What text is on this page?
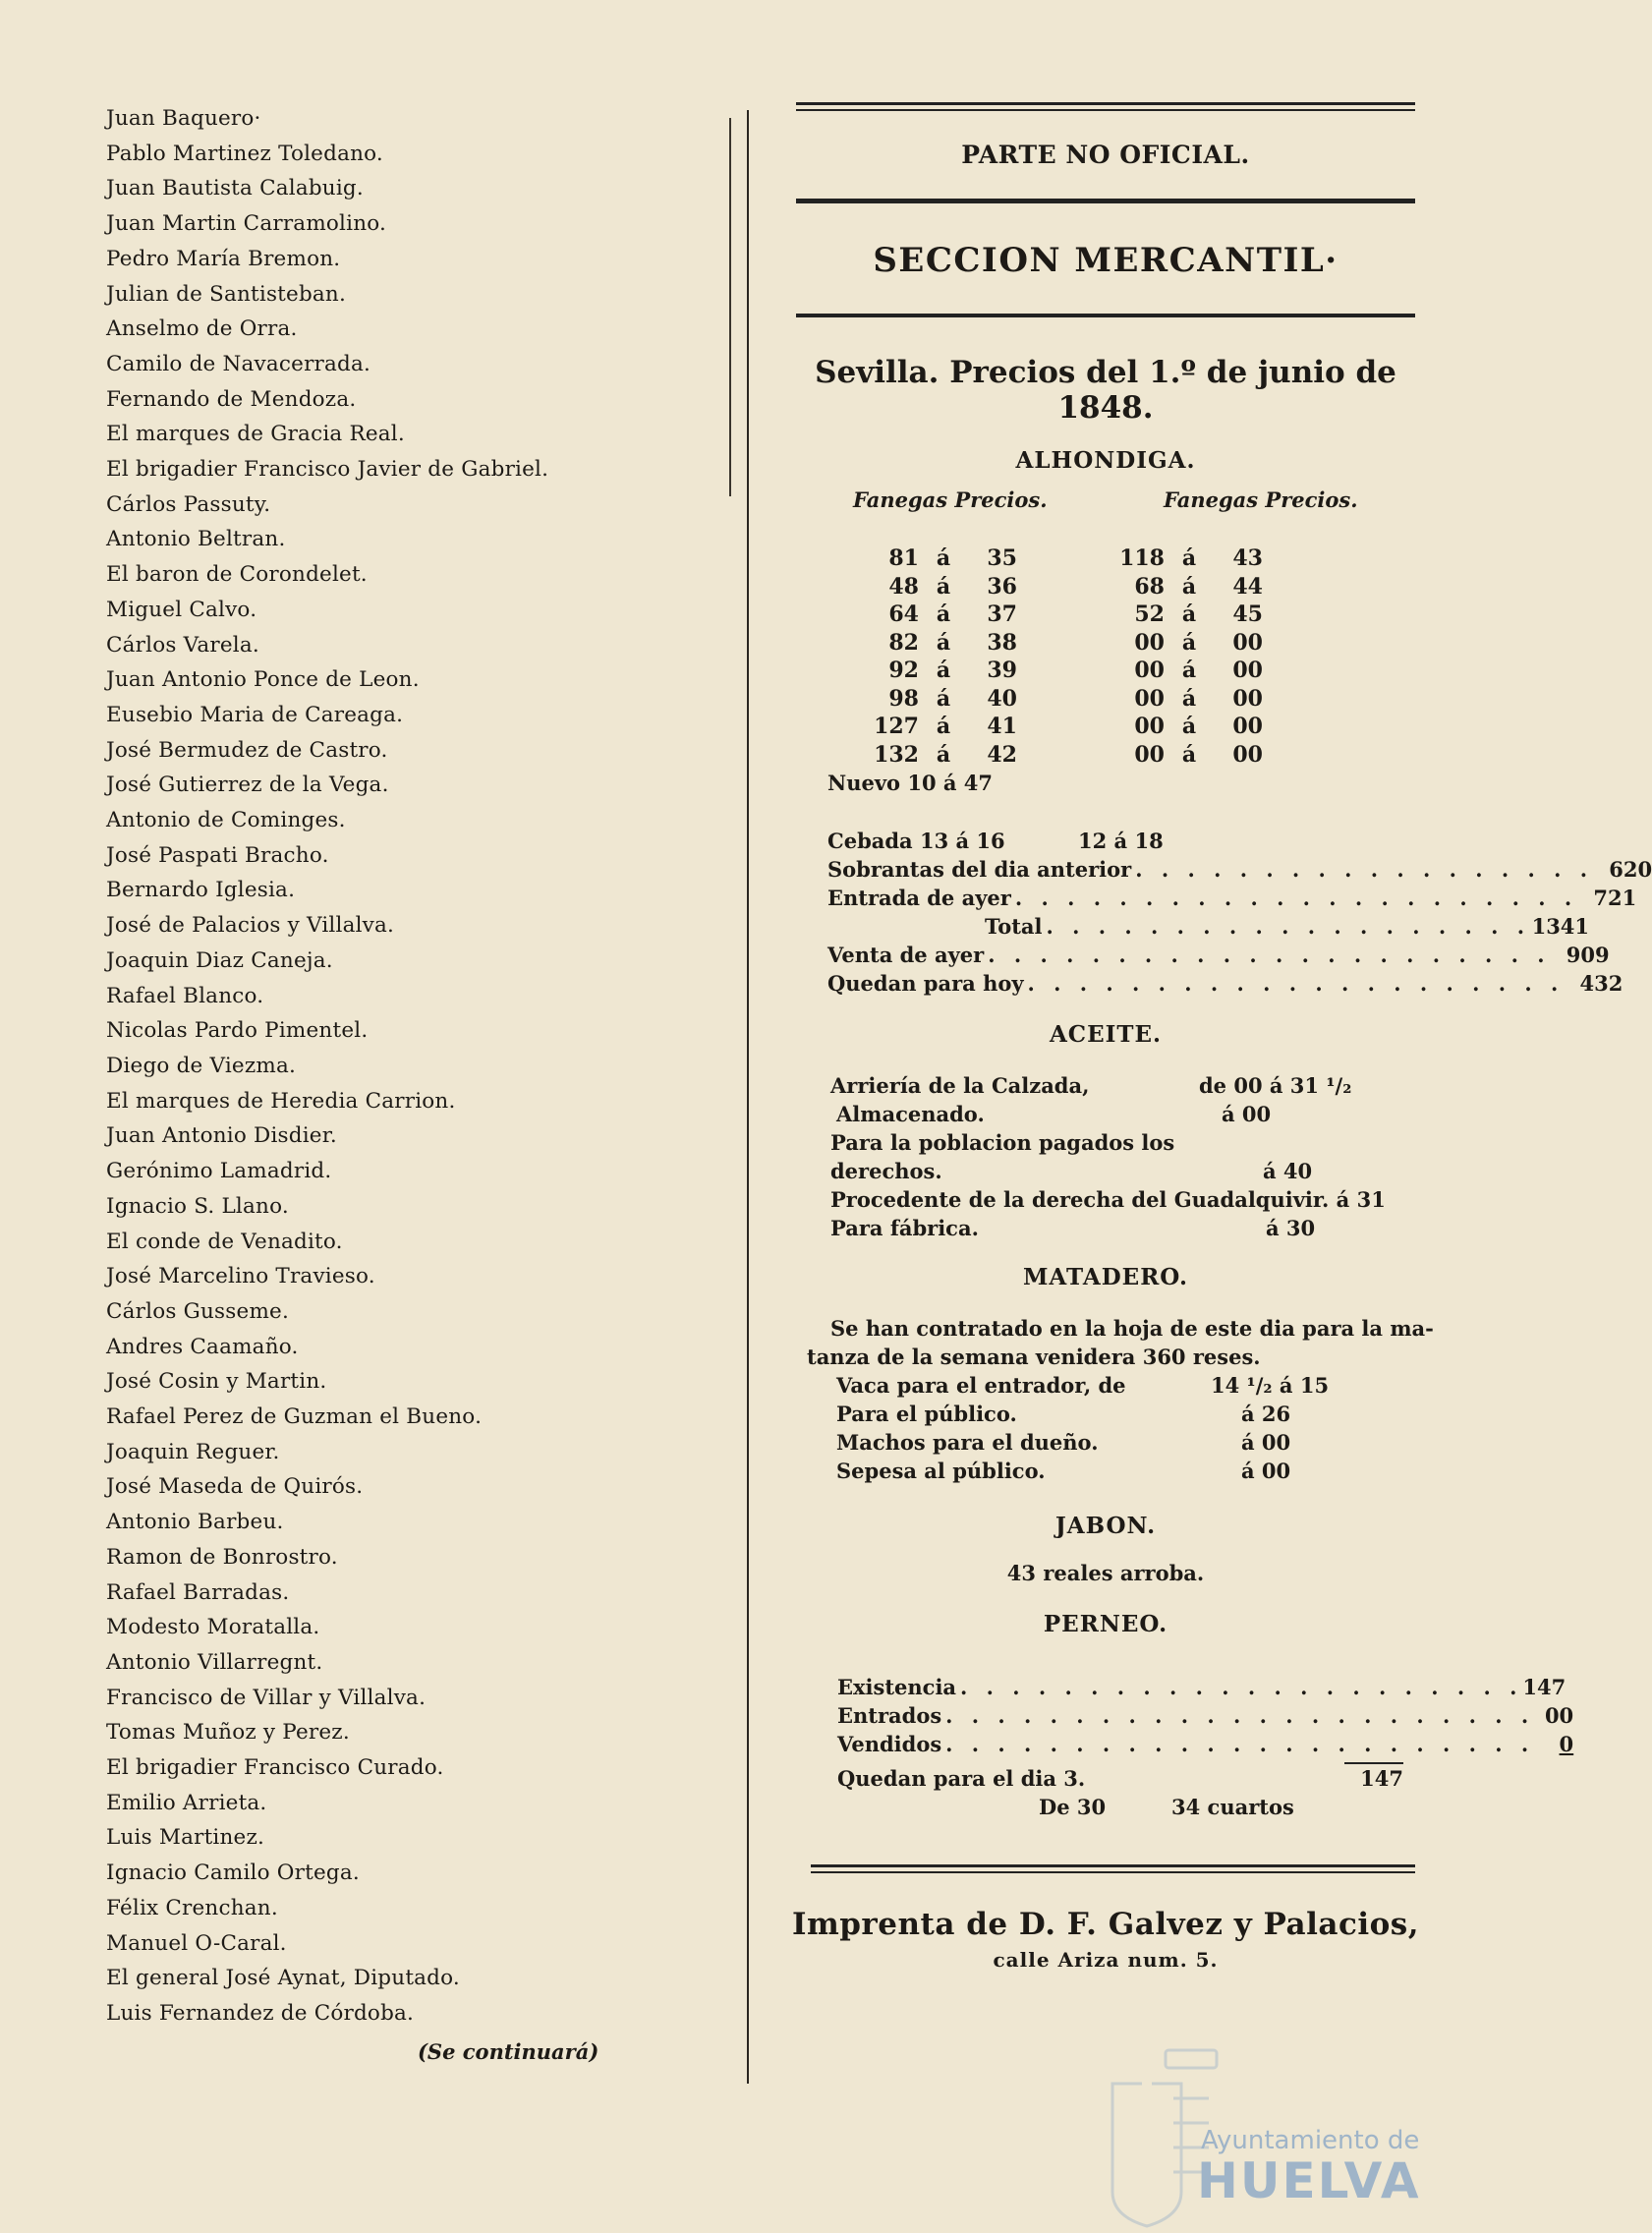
Juan Baquero·
Pablo Martinez Toledano.
Juan Bautista Calabuig.
Juan Martin Carramolino.
Pedro María Bremon.
Julian de Santisteban.
Anselmo de Orra.
Camilo de Navacerrada.
Fernando de Mendoza.
El marques de Gracia Real.
El brigadier Francisco Javier de Gabriel.
Cárlos Passuty.
Antonio Beltran.
El baron de Corondelet.
Miguel Calvo.
Cárlos Varela.
Juan Antonio Ponce de Leon.
Eusebio Maria de Careaga.
José Bermudez de Castro.
José Gutierrez de la Vega.
Antonio de Cominges.
José Paspati Bracho.
Bernardo Iglesia.
José de Palacios y Villalva.
Joaquin Diaz Caneja.
Rafael Blanco.
Nicolas Pardo Pimentel.
Diego de Viezma.
El marques de Heredia Carrion.
Juan Antonio Disdier.
Gerónimo Lamadrid.
Ignacio S. Llano.
El conde de Venadito.
José Marcelino Travieso.
Cárlos Gusseme.
Andres Caamaño.
José Cosin y Martin.
Rafael Perez de Guzman el Bueno.
Joaquin Reguer.
José Maseda de Quirós.
Antonio Barbeu.
Ramon de Bonrostro.
Rafael Barradas.
Modesto Moratalla.
Antonio Villarregnt.
Francisco de Villar y Villalva.
Tomas Muñoz y Perez.
El brigadier Francisco Curado.
Emilio Arrieta.
Luis Martinez.
Ignacio Camilo Ortega.
Félix Crenchan.
Manuel O-Caral.
El general José Aynat, Diputado.
Luis Fernandez de Córdoba.
(Se continuará)
PARTE NO OFICIAL.
SECCION MERCANTIL·
Sevilla. Precios del 1.º de junio de 1848.
ALHONDIGA.
Fanegas Precios.	Fanegas Precios.
81	á	35	118	á	43
48	á	36	68	á	44
64	á	37	52	á	45
82	á	38	00	á	00
92	á	39	00	á	00
98	á	40	00	á	00
127	á	41	00	á	00
132	á	42	00	á	00
Nuevo 10 á 47
Cebada 13 á 16	12 á 18
Sobrantas del dia anterior . . . . . . . . . . . . . . . . . . 620
Entrada de ayer . . . . . . . . . . . . . . . . . . . . . . 721
Total . . . . . . . . . . . . . . . . . . . 1341
Venta de ayer . . . . . . . . . . . . . . . . . . . . . . 909
Quedan para hoy . . . . . . . . . . . . . . . . . . . . . 432
ACEITE.
Arriería de la Calzada,	de 00 á 31 ¹/₂
Almacenado.	á 00
Para la poblacion pagados los
derechos.	á 40
Procedente de la derecha del Guadalquivir. á 31
Para fábrica.	á 30
MATADERO.
Se han contratado en la hoja de este dia para la ma-
tanza de la semana venidera 360 reses.
Vaca para el entrador, de	14 ¹/₂ á 15
Para el público.	á 26
Machos para el dueño.	á 00
Sepesa al público.	á 00
JABON.
43 reales arroba.
PERNEO.
Existencia . . . . . . . . . . . . . . . . . . . . . . 147
Entrados . . . . . . . . . . . . . . . . . . . . . . . 00
Vendidos . . . . . . . . . . . . . . . . . . . . . . .	0
Quedan para el dia 3.	147
De 30	34 cuartos
Imprenta de D. F. Galvez y Palacios,
calle Ariza num. 5.
Ayuntamiento de
HUELVA
